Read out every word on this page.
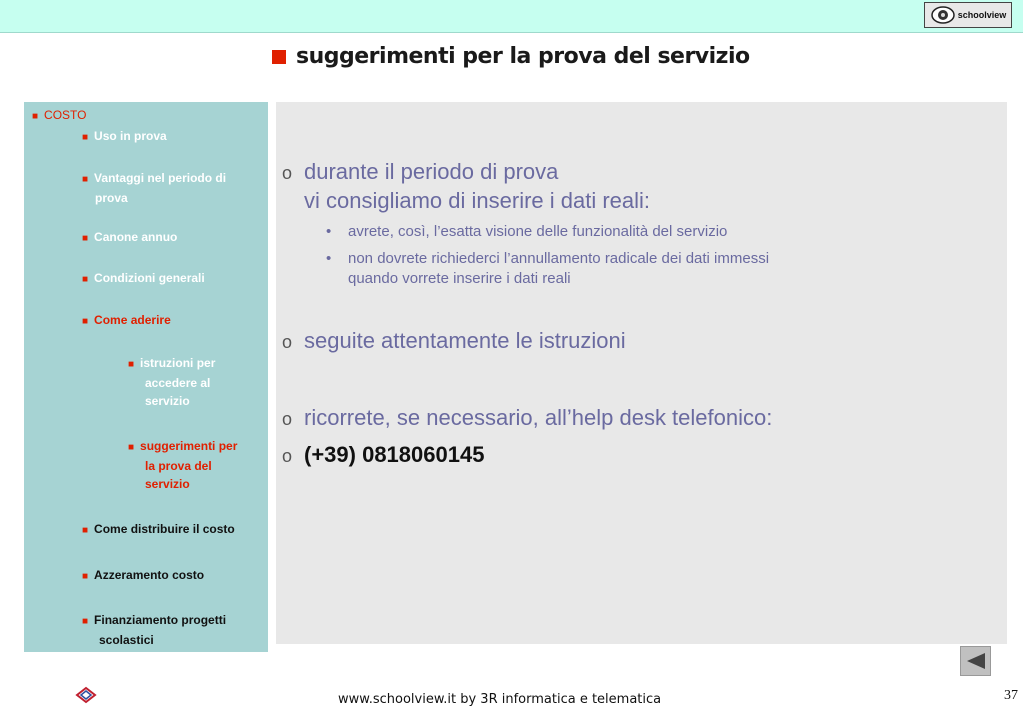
schoolview
suggerimenti per la prova del servizio
■ COSTO
■ Uso in prova
■ Vantaggi nel periodo di
prova
■ Canone annuo
■ Condizioni generali
■ Come aderire
■ istruzioni per
accedere al
servizio
■ suggerimenti per
la prova del
servizio
■ Come distribuire il costo
■ Azzeramento costo
■ Finanziamento progetti
scolastici
o durante il periodo di prova
vi consigliamo di inserire i dati reali:
• avrete, così, l’esatta visione delle funzionalità del servizio
• non dovrete richiederci l’annullamento radicale dei dati immessi
quando vorrete inserire i dati reali
o seguite attentamente le istruzioni
o ricorrete, se necessario, all’help desk telefonico:
o (+39) 0818060145
www.schoolview.it by 3R informatica e telematica	37
